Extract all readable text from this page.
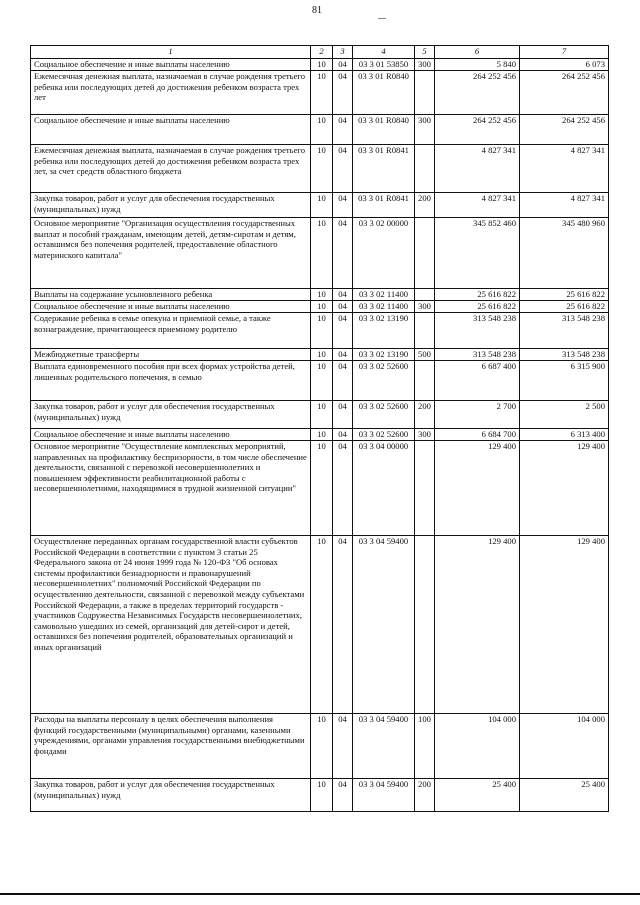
81
1	2	3	4	5	6	7
Социальное обеспечение и иные выплаты населению	10	04	03 3 01 53850	300	5 840	6 073
Ежемесячная денежная выплата, назначаемая в случае рождения третьего ребенка или последующих детей до достижения ребенком возраста трех лет	10	04	03 3 01 R0840		264 252 456	264 252 456
Социальное обеспечение и иные выплаты населению	10	04	03 3 01 R0840	300	264 252 456	264 252 456
Ежемесячная денежная выплата, назначаемая в случае рождения третьего ребенка или последующих детей до достижения ребенком возраста трех лет, за счет средств областного бюджета	10	04	03 3 01 R0841		4 827 341	4 827 341
Закупка товаров, работ и услуг для обеспечения государственных (муниципальных) нужд	10	04	03 3 01 R0841	200	4 827 341	4 827 341
Основное мероприятие "Организация осуществления государственных выплат и пособий гражданам, имеющим детей, детям-сиротам и детям, оставшимся без попечения родителей, предоставление областного материнского капитала"	10	04	03 3 02 00000		345 852 460	345 480 960
Выплаты на содержание усыновленного ребенка	10	04	03 3 02 11400		25 616 822	25 616 822
Социальное обеспечение и иные выплаты населению	10	04	03 3 02 11400	300	25 616 822	25 616 822
Содержание ребенка в семье опекуна и приемной семье, а также вознаграждение, причитающееся приемному родителю	10	04	03 3 02 13190		313 548 238	313 548 238
Межбюджетные трансферты	10	04	03 3 02 13190	500	313 548 238	313 548 238
Выплата единовременного пособия при всех формах устройства детей, лишенных родительского попечения, в семью	10	04	03 3 02 52600		6 687 400	6 315 900
Закупка товаров, работ и услуг для обеспечения государственных (муниципальных) нужд	10	04	03 3 02 52600	200	2 700	2 500
Социальное обеспечение и иные выплаты населению	10	04	03 3 02 52600	300	6 684 700	6 313 400
Основное мероприятие "Осуществление комплексных мероприятий, направленных на профилактику беспризорности, в том числе обеспечение деятельности, связанной с перевозкой несовершеннолетних и повышением эффективности реабилитационной работы с несовершеннолетними, находящимися в трудной жизненной ситуации"	10	04	03 3 04 00000		129 400	129 400
Осуществление переданных органам государственной власти субъектов Российской Федерации в соответствии с пунктом 3 статьи 25 Федерального закона от 24 июня 1999 года № 120-ФЗ "Об основах системы профилактики безнадзорности и правонарушений несовершеннолетних" полномочий Российской Федерации по осуществлению деятельности, связанной с перевозкой между субъектами Российской Федерации, а также в пределах территорий государств - участников Содружества Независимых Государств несовершеннолетних, самовольно ушедших из семей, организаций для детей-сирот и детей, оставшихся без попечения родителей, образовательных организаций и иных организаций	10	04	03 3 04 59400		129 400	129 400
Расходы на выплаты персоналу в целях обеспечения выполнения функций государственными (муниципальными) органами, казенными учреждениями, органами управления государственными внебюджетными фондами	10	04	03 3 04 59400	100	104 000	104 000
Закупка товаров, работ и услуг для обеспечения государственных (муниципальных) нужд	10	04	03 3 04 59400	200	25 400	25 400
